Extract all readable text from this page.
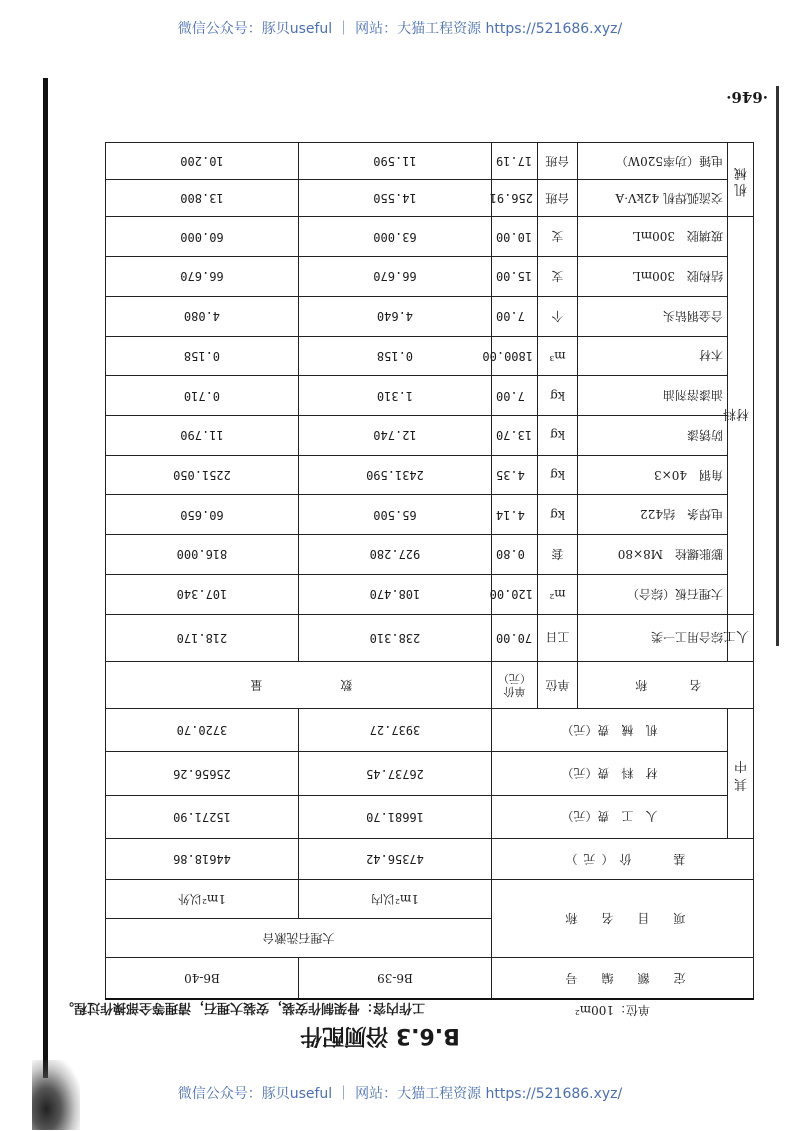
微信公众号：豚贝useful ｜ 网站：大猫工程资源 https://521686.xyz/
微信公众号：豚贝useful ｜ 网站：大猫工程资源 https://521686.xyz/
·646·
B.6.3 浴厕配件
工作内容：骨架制作安装，安装大理石，清理等全部操作过程。	单位：100m²
定　额　编　号				B6-39	B6-40
项　目　名　称				大理石洗漱台	
				1m²以内	1m²以外
基　　价（元）				47356.42	44618.86
其中	人　工　费（元）			16681.70	15271.90
	材　料　费（元）			26737.45	25656.26
	机　械　费（元）			3937.27	3720.70
名　　称		单位	单价（元）	数　　　　量	
人工	综合用工一类	工日	70.00	238.310	218.170
材料	大理石板（综合）	m²	120.00	108.470	107.340
	膨胀螺栓　M8×80	套	0.80	927.280	816.000
	电焊条　结422	kg	4.14	65.500	60.650
	角钢　40×3	kg	4.35	2431.590	2251.050
	防锈漆	kg	13.70	12.740	11.790
	油漆溶剂油	kg	7.00	1.310	0.710
	木材	m³	1800.00	0.158	0.158
	合金钢钻头	个	7.00	4.640	4.080
	结构胶　300mL	支	15.00	66.670	66.670
	玻璃胶　300mL	支	10.00	63.000	60.000
机械	交流弧焊机 42kV·A	台班	256.91	14.550	13.800
	电锤（功率520W）	台班	17.19	11.590	10.200
